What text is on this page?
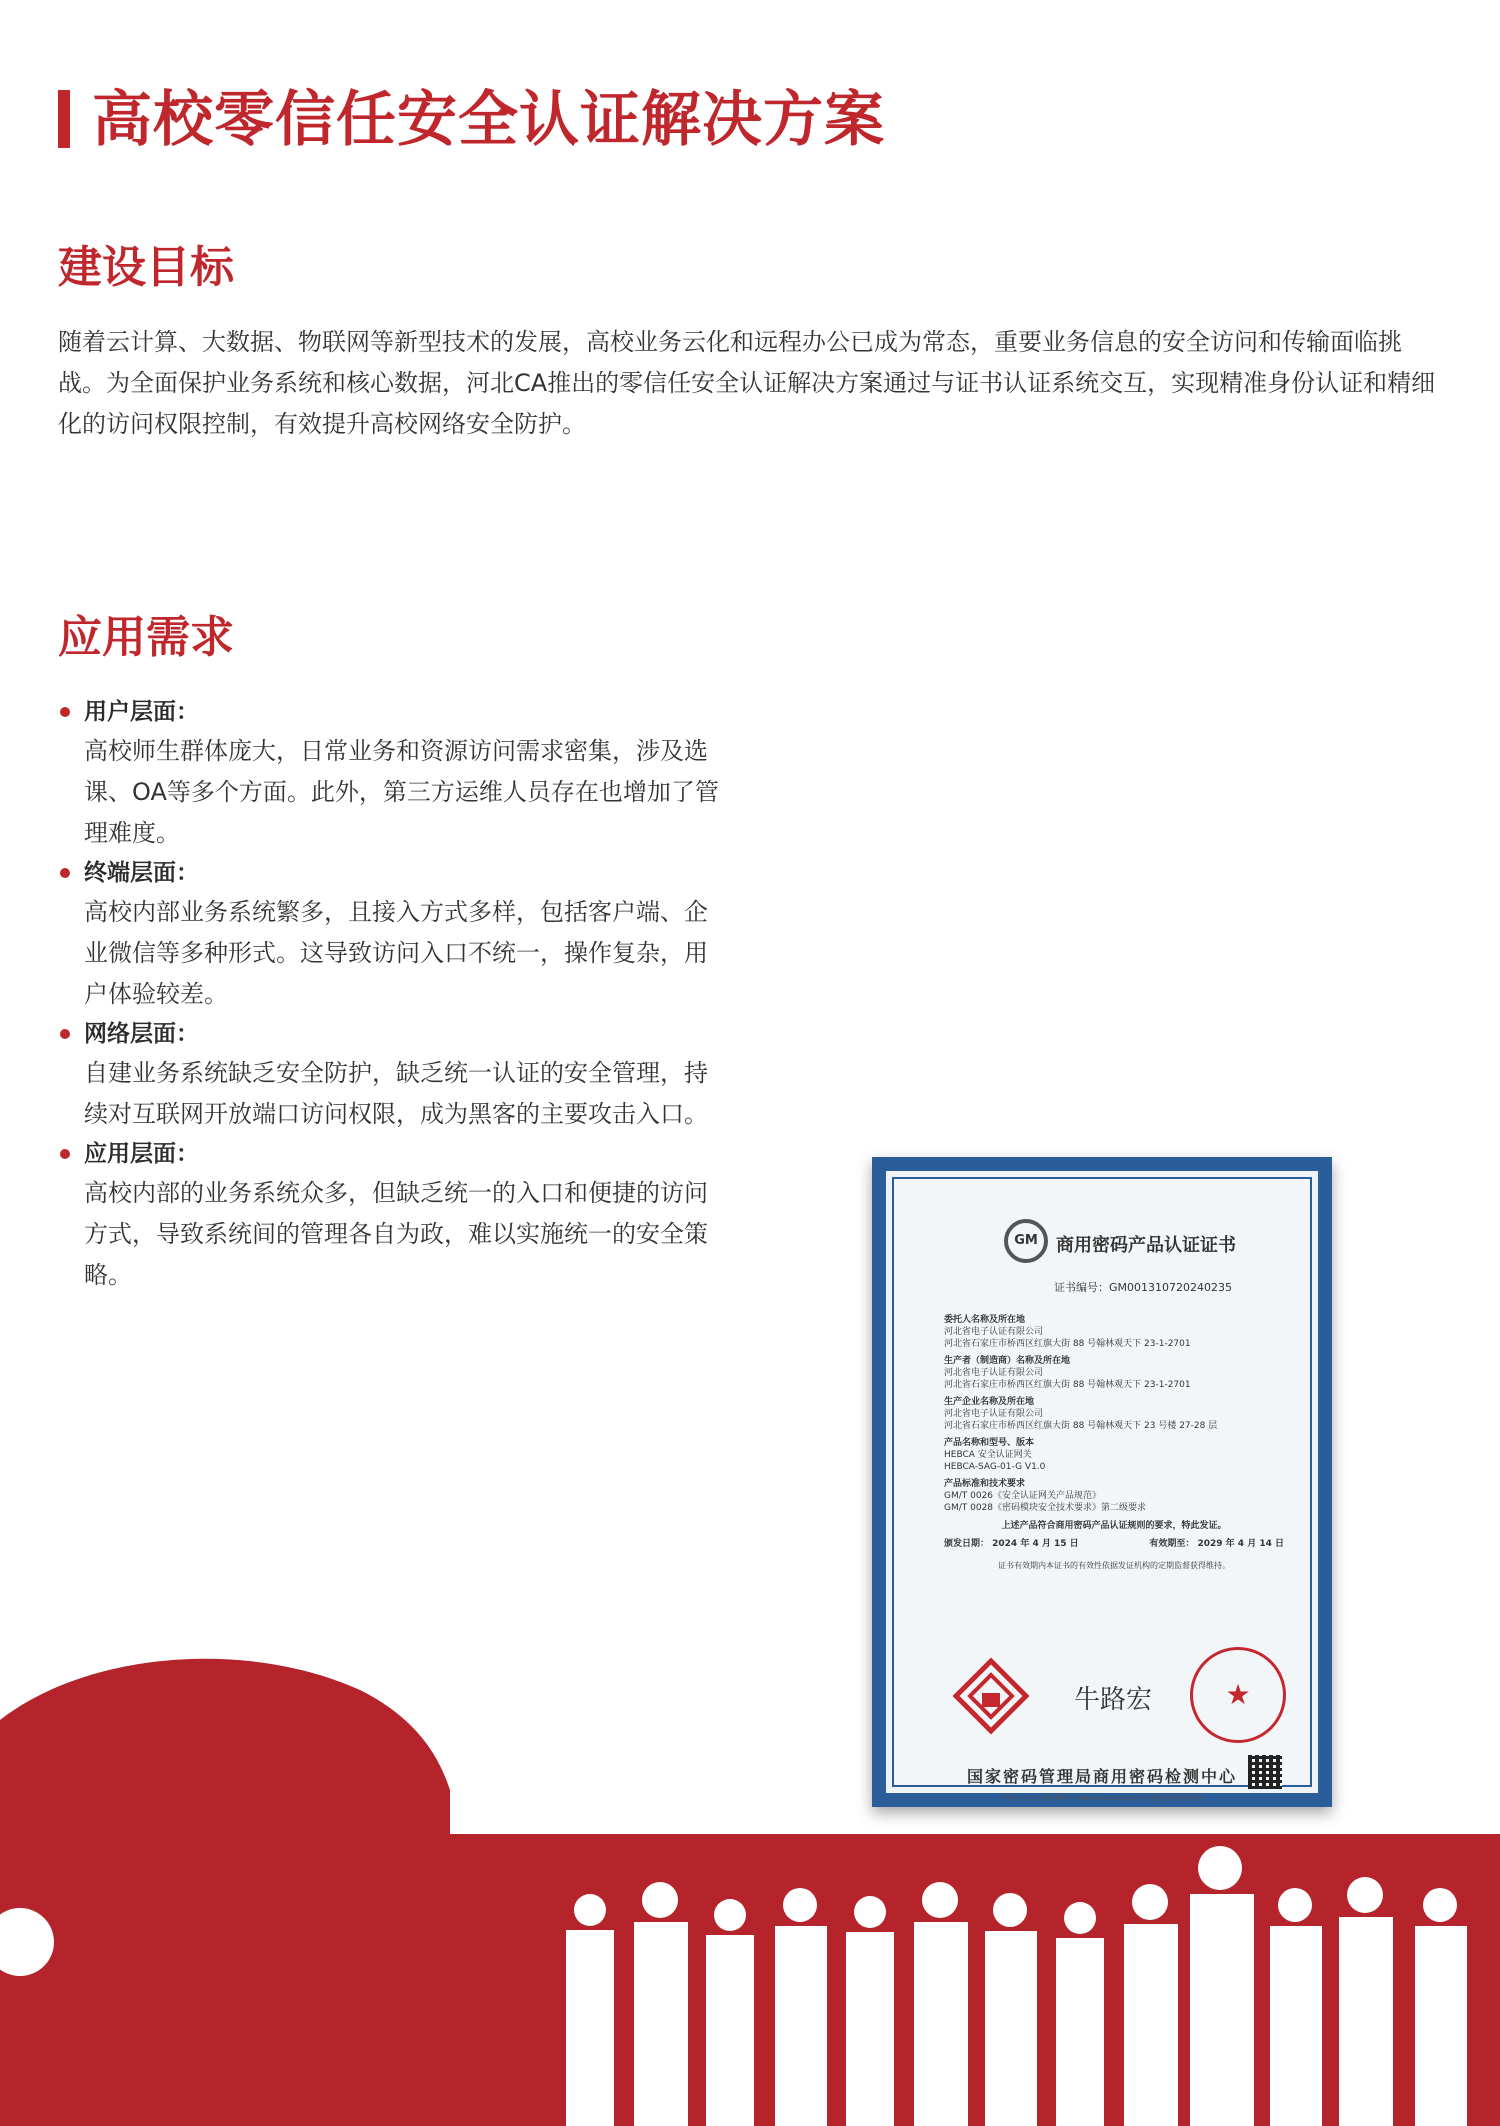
高校零信任安全认证解决方案
建设目标

随着云计算、大数据、物联网等新型技术的发展，高校业务云化和远程办公已成为常态，重要业务信息的安全访问和传输面临挑战。为全面保护业务系统和核心数据，河北CA推出的零信任安全认证解决方案通过与证书认证系统交互，实现精准身份认证和精细化的访问权限控制，有效提升高校网络安全防护。

应用需求
用户层面：
高校师生群体庞大，日常业务和资源访问需求密集，涉及选课、OA等多个方面。此外，第三方运维人员存在也增加了管理难度。
终端层面：
高校内部业务系统繁多，且接入方式多样，包括客户端、企业微信等多种形式。这导致访问入口不统一，操作复杂，用户体验较差。
网络层面：
自建业务系统缺乏安全防护，缺乏统一认证的安全管理，持续对互联网开放端口访问权限，成为黑客的主要攻击入口。
应用层面：
高校内部的业务系统众多，但缺乏统一的入口和便捷的访问方式，导致系统间的管理各自为政，难以实施统一的安全策略。
GM	商用密码产品认证证书
证书编号：GM001310720240235
委托人名称及所在地
河北省电子认证有限公司
河北省石家庄市桥西区红旗大街 88 号翰林观天下 23-1-2701
生产者（制造商）名称及所在地
河北省电子认证有限公司
河北省石家庄市桥西区红旗大街 88 号翰林观天下 23-1-2701
生产企业名称及所在地
河北省电子认证有限公司
河北省石家庄市桥西区红旗大街 88 号翰林观天下 23 号楼 27-28 层
产品名称和型号、版本
HEBCA 安全认证网关
HEBCA-SAG-01-G V1.0
产品标准和技术要求
GM/T 0026《安全认证网关产品规范》
GM/T 0028《密码模块安全技术要求》第二级要求
上述产品符合商用密码产品认证规则的要求，特此发证。
颁发日期： 2024 年 4 月 15 日	有效期至： 2029 年 4 月 14 日
证书有效期内本证书的有效性依据发证机构的定期监督获得维持。
牛路宏
★
国家密码管理局商用密码检测中心
中国·北京·万丰路300号 www.sccto.org.cn 证书通过此网站查询
